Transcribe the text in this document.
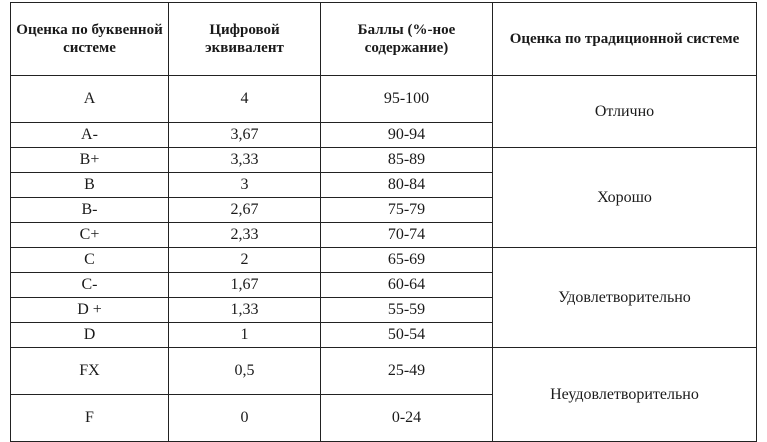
Оценка по буквенной системе	Цифровой эквивалент	Баллы (%-ное содержание)	Оценка по традиционной системе
A	4	95-100	Отлично
A-	3,67	90-94	
B+	3,33	85-89	Хорошо
B	3	80-84	
B-	2,67	75-79	
C+	2,33	70-74	
C	2	65-69	Удовлетворительно
C-	1,67	60-64	
D +	1,33	55-59	
D	1	50-54	
FX	0,5	25-49	Неудовлетворительно
F	0	0-24	
